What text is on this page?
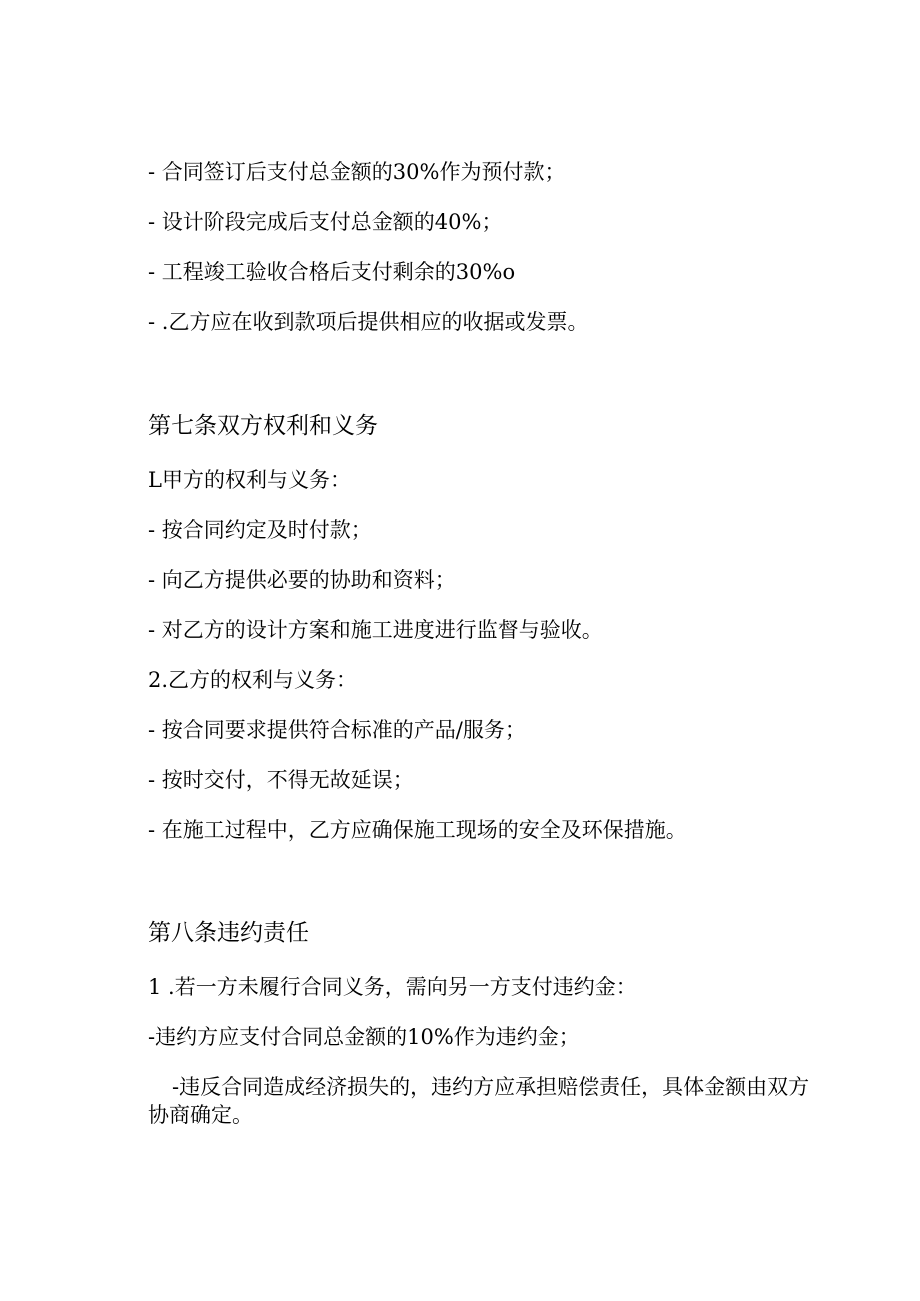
- 合同签订后支付总金额的30%作为预付款；
- 设计阶段完成后支付总金额的40%；
- 工程竣工验收合格后支付剩余的30%o
- .乙方应在收到款项后提供相应的收据或发票。
第七条双方权利和义务
L甲方的权利与义务：
- 按合同约定及时付款；
- 向乙方提供必要的协助和资料；
- 对乙方的设计方案和施工进度进行监督与验收。
2.乙方的权利与义务：
- 按合同要求提供符合标准的产品/服务；
- 按时交付，不得无故延误；
- 在施工过程中，乙方应确保施工现场的安全及环保措施。
第八条违约责任
1 .若一方未履行合同义务，需向另一方支付违约金：
-违约方应支付合同总金额的10%作为违约金；
-违反合同造成经济损失的，违约方应承担赔偿责任，具体金额由双方协商确定。
